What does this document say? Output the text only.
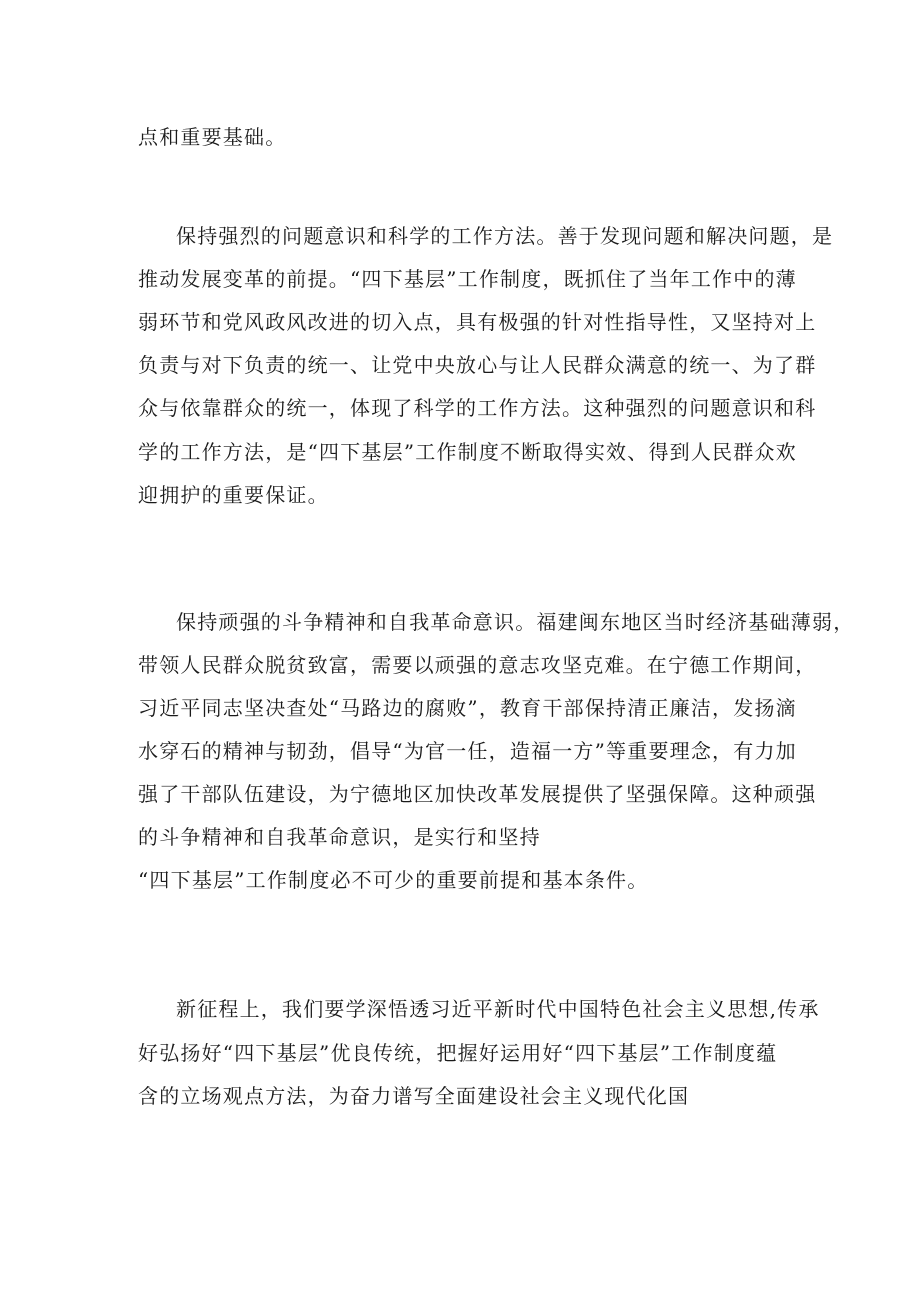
点和重要基础。
保持强烈的问题意识和科学的工作方法。善于发现问题和解决问题，是
推动发展变革的前提。“四下基层”工作制度，既抓住了当年工作中的薄
弱环节和党风政风改进的切入点，具有极强的针对性指导性，又坚持对上
负责与对下负责的统一、让党中央放心与让人民群众满意的统一、为了群
众与依靠群众的统一，体现了科学的工作方法。这种强烈的问题意识和科
学的工作方法，是“四下基层”工作制度不断取得实效、得到人民群众欢
迎拥护的重要保证。
保持顽强的斗争精神和自我革命意识。福建闽东地区当时经济基础薄弱，
带领人民群众脱贫致富，需要以顽强的意志攻坚克难。在宁德工作期间，
习近平同志坚决查处“马路边的腐败”，教育干部保持清正廉洁，发扬滴
水穿石的精神与韧劲，倡导“为官一任，造福一方”等重要理念，有力加
强了干部队伍建设，为宁德地区加快改革发展提供了坚强保障。这种顽强
的斗争精神和自我革命意识，是实行和坚持
“四下基层”工作制度必不可少的重要前提和基本条件。
新征程上，我们要学深悟透习近平新时代中国特色社会主义思想,传承
好弘扬好“四下基层”优良传统，把握好运用好“四下基层”工作制度蕴
含的立场观点方法，为奋力谱写全面建设社会主义现代化国
